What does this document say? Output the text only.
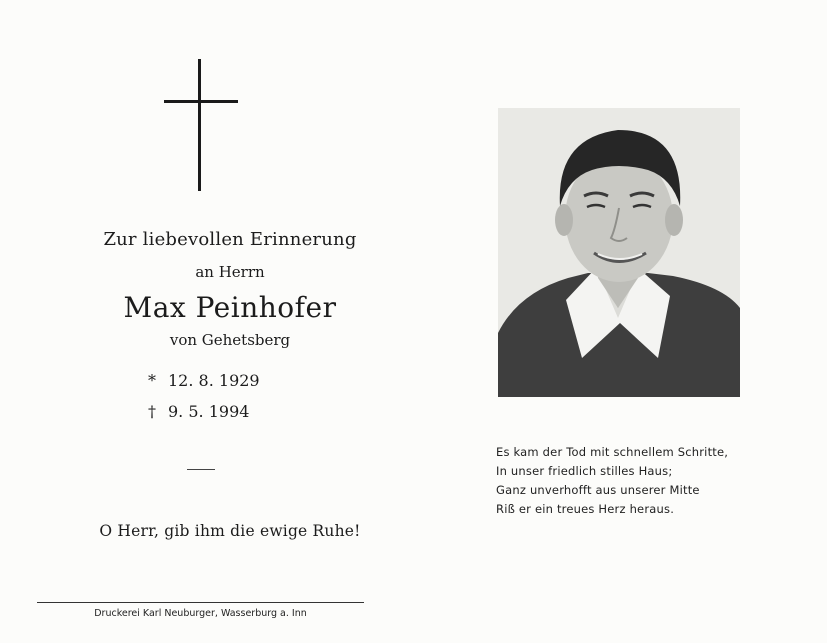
Zur liebevollen Erinnerung
an Herrn
Max Peinhofer
von Gehetsberg
* 12. 8. 1929
† 9. 5. 1994
O Herr, gib ihm die ewige Ruhe!
Druckerei Karl Neuburger, Wasserburg a. Inn
Es kam der Tod mit schnellem Schritte,
In unser friedlich stilles Haus;
Ganz unverhofft aus unserer Mitte
Riß er ein treues Herz heraus.
